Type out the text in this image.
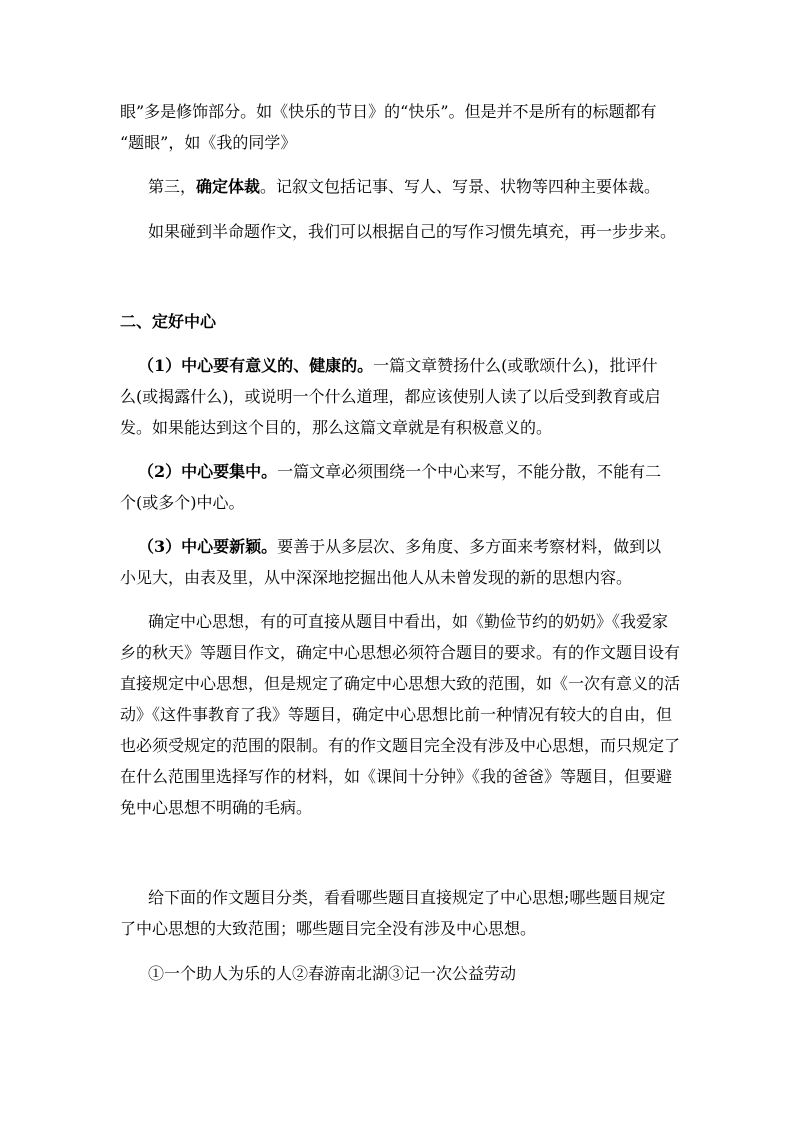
眼”多是修饰部分。如《快乐的节日》的“快乐”。但是并不是所有的标题都有
“题眼”，如《我的同学》
第三，确定体裁。记叙文包括记事、写人、写景、状物等四种主要体裁。
如果碰到半命题作文，我们可以根据自己的写作习惯先填充，再一步步来。
二、定好中心
（1）中心要有意义的、健康的。一篇文章赞扬什么(或歌颂什么)，批评什
么(或揭露什么)，或说明一个什么道理，都应该使别人读了以后受到教育或启
发。如果能达到这个目的，那么这篇文章就是有积极意义的。
（2）中心要集中。一篇文章必须围绕一个中心来写，不能分散，不能有二
个(或多个)中心。
（3）中心要新颖。要善于从多层次、多角度、多方面来考察材料，做到以
小见大，由表及里，从中深深地挖掘出他人从未曾发现的新的思想内容。
确定中心思想，有的可直接从题目中看出，如《勤俭节约的奶奶》《我爱家
乡的秋天》等题目作文，确定中心思想必须符合题目的要求。有的作文题目设有
直接规定中心思想，但是规定了确定中心思想大致的范围，如《一次有意义的活
动》《这件事教育了我》等题目，确定中心思想比前一种情况有较大的自由，但
也必须受规定的范围的限制。有的作文题目完全没有涉及中心思想，而只规定了
在什么范围里选择写作的材料，如《课间十分钟》《我的爸爸》等题目，但要避
免中心思想不明确的毛病。
给下面的作文题目分类，看看哪些题目直接规定了中心思想;哪些题目规定
了中心思想的大致范围；哪些题目完全没有涉及中心思想。
①一个助人为乐的人②春游南北湖③记一次公益劳动
